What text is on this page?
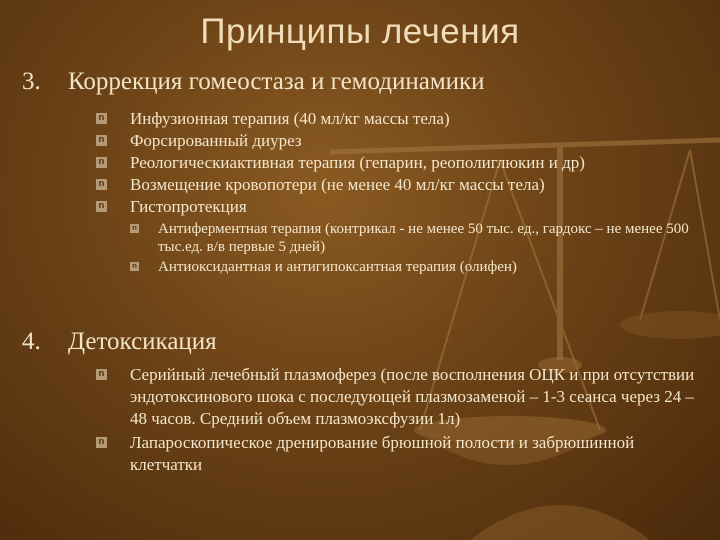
Принципы лечения
3. Коррекция гомеостаза и гемодинамики
n Инфузионная терапия (40 мл/кг массы тела)
n Форсированный диурез
n Реологическиактивная терапия (гепарин, реополиглюкин и др)
n Возмещение кровопотери (не менее 40 мл/кг массы тела)
n Гистопротекция
n Антиферментная терапия (контрикал - не менее 50 тыс. ед., гардокс – не менее 500 тыс.ед. в/в первые 5 дней)
n Антиоксидантная и антигипоксантная терапия (олифен)
4. Детоксикация
n Серийный лечебный плазмоферез (после восполнения ОЦК и при отсутствии эндотоксинового шока с последующей плазмозаменой – 1-3 сеанса через 24 – 48 часов. Средний объем плазмоэксфузии 1л)
n Лапароскопическое дренирование брюшной полости и забрюшинной клетчатки
